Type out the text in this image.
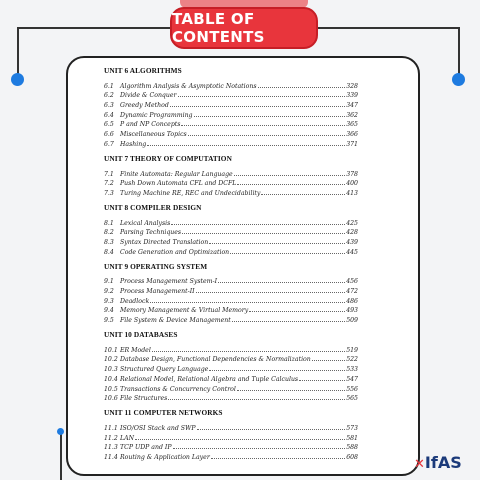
TABLE OF CONTENTS
UNIT 6 ALGORITHMS
6.1 Algorithm Analysis & Asymptotic Notations	328
6.2 Divide & Conquer	339
6.3 Greedy Method	347
6.4 Dynamic Programming	362
6.5 P and NP Concepts	365
6.6 Miscellaneous Topics	366
6.7 Hashing	371
UNIT 7 THEORY OF COMPUTATION
7.1 Finite Automata: Regular Language	378
7.2 Push Down Automata CFL and DCFL	400
7.3 Turing Machine RE, REC and Undecidability	413
UNIT 8 COMPILER DESIGN
8.1 Lexical Analysis	425
8.2 Parsing Techniques	428
8.3 Syntax Directed Translation	439
8.4 Code Generation and Optimization	445
UNIT 9 OPERATING SYSTEM
9.1 Process Management System-I	456
9.2 Process Management-II	472
9.3 Deadlock	486
9.4 Memory Management & Virtual Memory	493
9.5 File System & Device Management	509
UNIT 10 DATABASES
10.1 ER Model	519
10.2 Database Design, Functional Dependencies & Normalization	522
10.3 Structured Query Language	533
10.4 Relational Model, Relational Algebra and Tuple Calculus	547
10.5 Transactions & Concurrency Control	556
10.6 File Structures	565
UNIT 11 COMPUTER NETWORKS
11.1 ISO/OSI Stack and SWP	573
11.2 LAN	581
11.3 TCP UDP and IP	588
11.4 Routing & Application Layer	608	✕IfAS
